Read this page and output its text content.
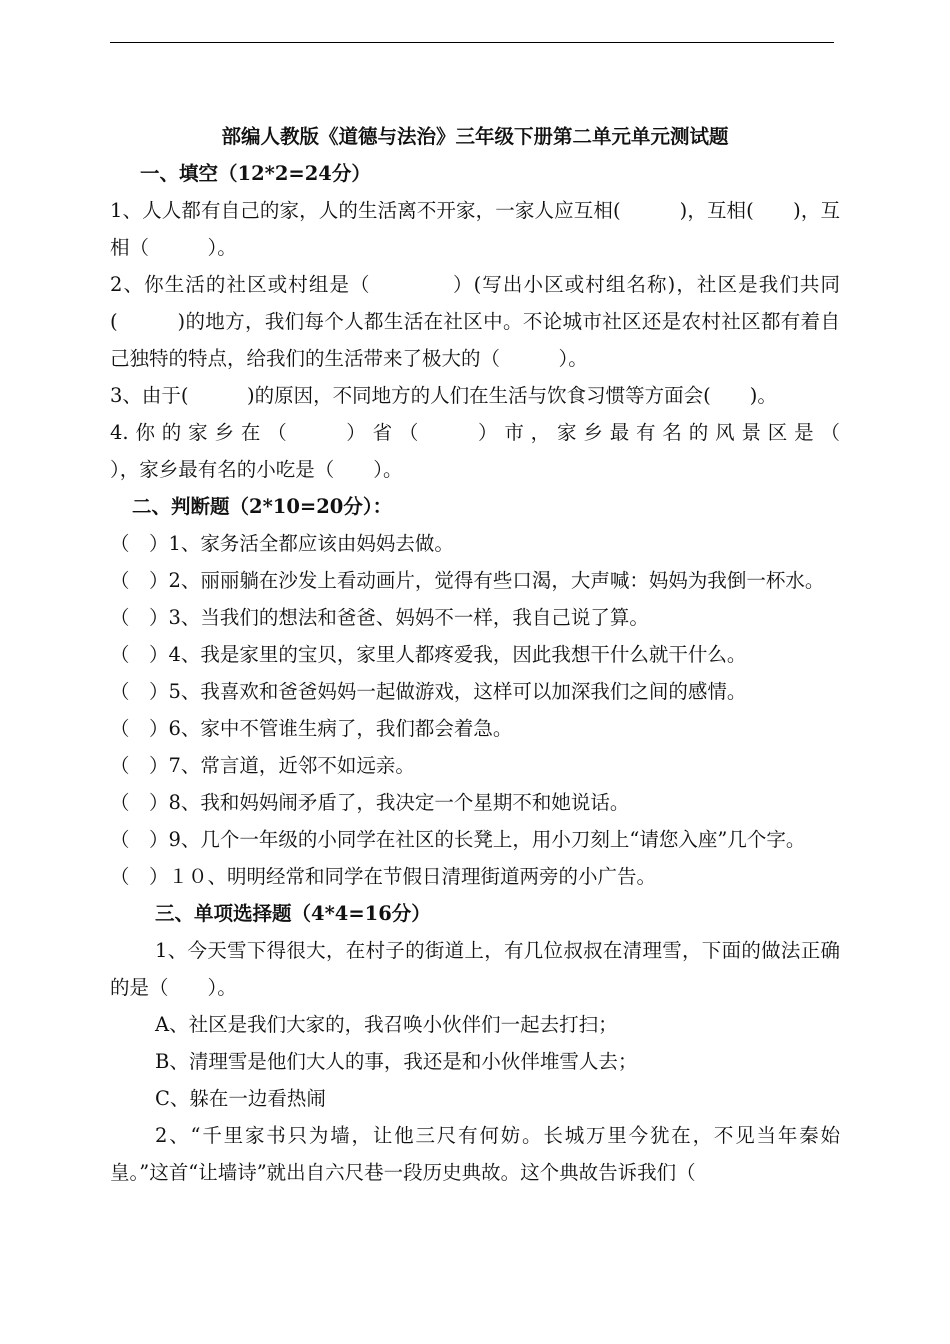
部编人教版《道德与法治》三年级下册第二单元单元测试题

一、填空（12*2=24分）

1、人人都有自己的家，人的生活离不开家，一家人应互相(　　　)，互相(　　)，互相（　　　）。

2、你生活的社区或村组是（　　　　）(写出小区或村组名称)，社区是我们共同(　　　)的地方，我们每个人都生活在社区中。不论城市社区还是农村社区都有着自己独特的特点，给我们的生活带来了极大的（　　　）。

3、由于(　　　)的原因，不同地方的人们在生活与饮食习惯等方面会(　　)。

4.你的家乡在（　　）省（　　）市，家乡最有名的风景区是（

），家乡最有名的小吃是（　　）。

二、判断题（2*10=20分）：

（　）1、家务活全都应该由妈妈去做。

（　）2、丽丽躺在沙发上看动画片，觉得有些口渴，大声喊：妈妈为我倒一杯水。

（　）3、当我们的想法和爸爸、妈妈不一样，我自己说了算。

（　）4、我是家里的宝贝，家里人都疼爱我，因此我想干什么就干什么。

（　）5、我喜欢和爸爸妈妈一起做游戏，这样可以加深我们之间的感情。

（　）6、家中不管谁生病了，我们都会着急。

（　）7、常言道，近邻不如远亲。

（　）8、我和妈妈闹矛盾了，我决定一个星期不和她说话。

（　）9、几个一年级的小同学在社区的长凳上，用小刀刻上“请您入座”几个字。

（　）１０、明明经常和同学在节假日清理街道两旁的小广告。

三、单项选择题（4*4=16分）

1、今天雪下得很大，在村子的街道上，有几位叔叔在清理雪，下面的做法正确的是（　　）。

A、社区是我们大家的，我召唤小伙伴们一起去打扫；

B、清理雪是他们大人的事，我还是和小伙伴堆雪人去；

C、躲在一边看热闹

2、“千里家书只为墙，让他三尺有何妨。长城万里今犹在，不见当年秦始皇。”这首“让墙诗”就出自六尺巷一段历史典故。这个典故告诉我们（
